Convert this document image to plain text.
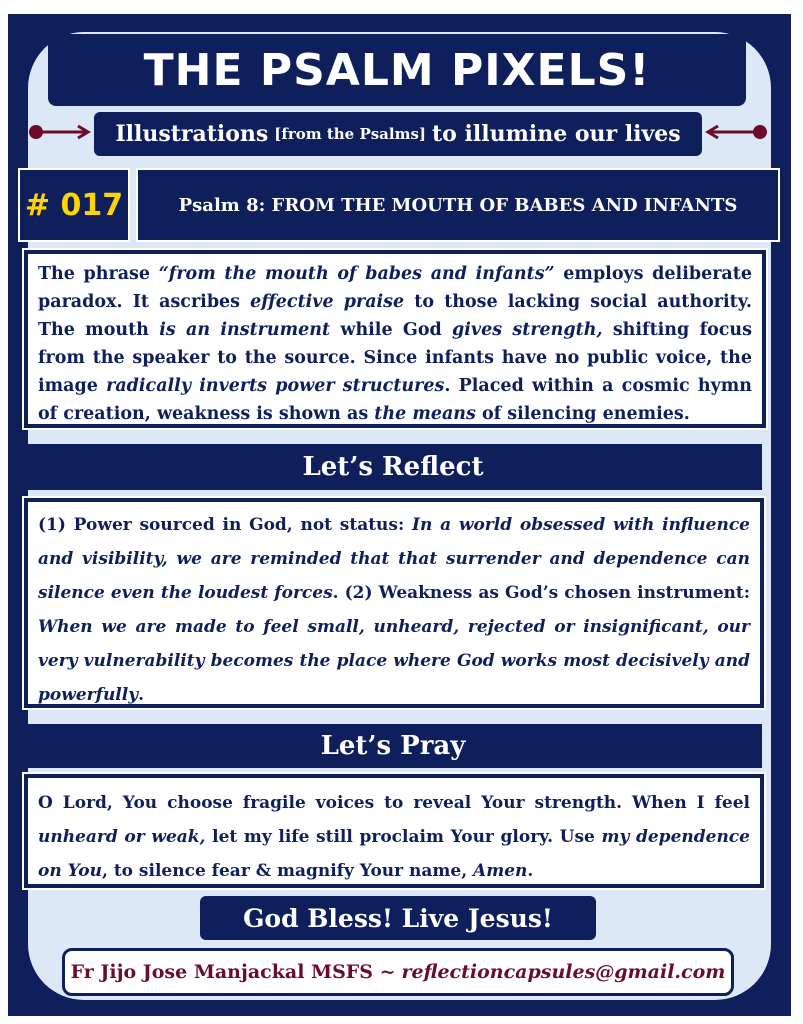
THE PSALM PIXELS!
Illustrations [from the Psalms] to illumine our lives
# 017	Psalm 8: FROM THE MOUTH OF BABES AND INFANTS
The phrase “from the mouth of babes and infants” employs deliberate paradox. It ascribes effective praise to those lacking social authority. The mouth is an instrument while God gives strength, shifting focus from the speaker to the source. Since infants have no public voice, the image radically inverts power structures. Placed within a cosmic hymn of creation, weakness is shown as the means of silencing enemies.
Let’s Reflect
(1) Power sourced in God, not status: In a world obsessed with influence and visibility, we are reminded that that surrender and dependence can silence even the loudest forces. (2) Weakness as God’s chosen instrument: When we are made to feel small, unheard, rejected or insignificant, our very vulnerability becomes the place where God works most decisively and powerfully.
Let’s Pray
O Lord, You choose fragile voices to reveal Your strength. When I feel unheard or weak, let my life still proclaim Your glory. Use my dependence on You, to silence fear & magnify Your name, Amen.
God Bless! Live Jesus!
Fr Jijo Jose Manjackal MSFS ~ reflectioncapsules@gmail.com
